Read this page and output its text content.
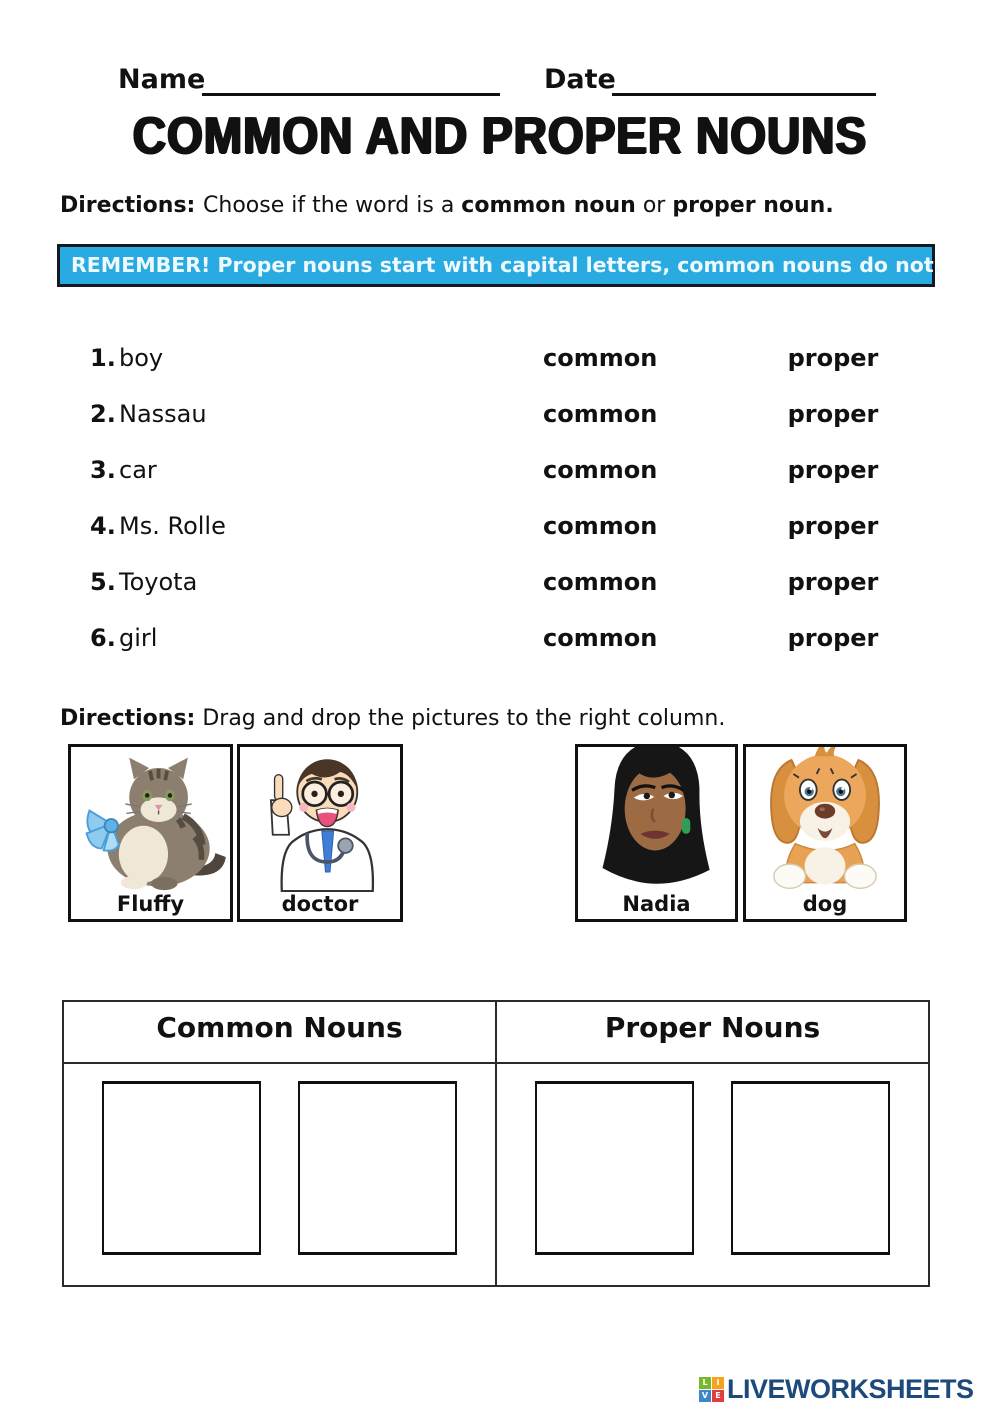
Name	Date
COMMON AND PROPER NOUNS
Directions: Choose if the word is a common noun or proper noun.
REMEMBER! Proper nouns start with capital letters, common nouns do not.
1. boy	common	proper
2. Nassau	common	proper
3. car	common	proper
4. Ms. Rolle	common	proper
5. Toyota	common	proper
6. girl	common	proper
Directions: Drag and drop the pictures to the right column.
Fluffy	doctor	Nadia	dog
Common Nouns	Proper Nouns
L	I
V E LIVEWORKSHEETS
